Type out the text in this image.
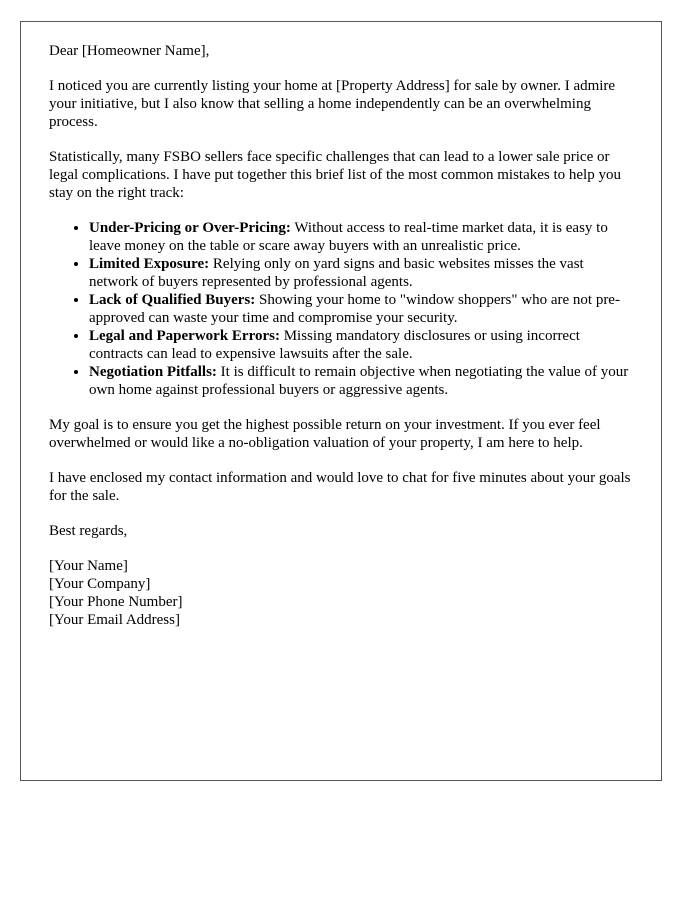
Dear [Homeowner Name],

I noticed you are currently listing your home at [Property Address] for sale by owner. I admire your initiative, but I also know that selling a home independently can be an overwhelming process.

Statistically, many FSBO sellers face specific challenges that can lead to a lower sale price or legal complications. I have put together this brief list of the most common mistakes to help you stay on the right track:

• Under-Pricing or Over-Pricing: Without access to real-time market data, it is easy to leave money on the table or scare away buyers with an unrealistic price.
• Limited Exposure: Relying only on yard signs and basic websites misses the vast network of buyers represented by professional agents.
• Lack of Qualified Buyers: Showing your home to "window shoppers" who are not pre-approved can waste your time and compromise your security.
• Legal and Paperwork Errors: Missing mandatory disclosures or using incorrect contracts can lead to expensive lawsuits after the sale.
• Negotiation Pitfalls: It is difficult to remain objective when negotiating the value of your own home against professional buyers or aggressive agents.

My goal is to ensure you get the highest possible return on your investment. If you ever feel overwhelmed or would like a no-obligation valuation of your property, I am here to help.

I have enclosed my contact information and would love to chat for five minutes about your goals for the sale.

Best regards,

[Your Name]
[Your Company]
[Your Phone Number]
[Your Email Address]
